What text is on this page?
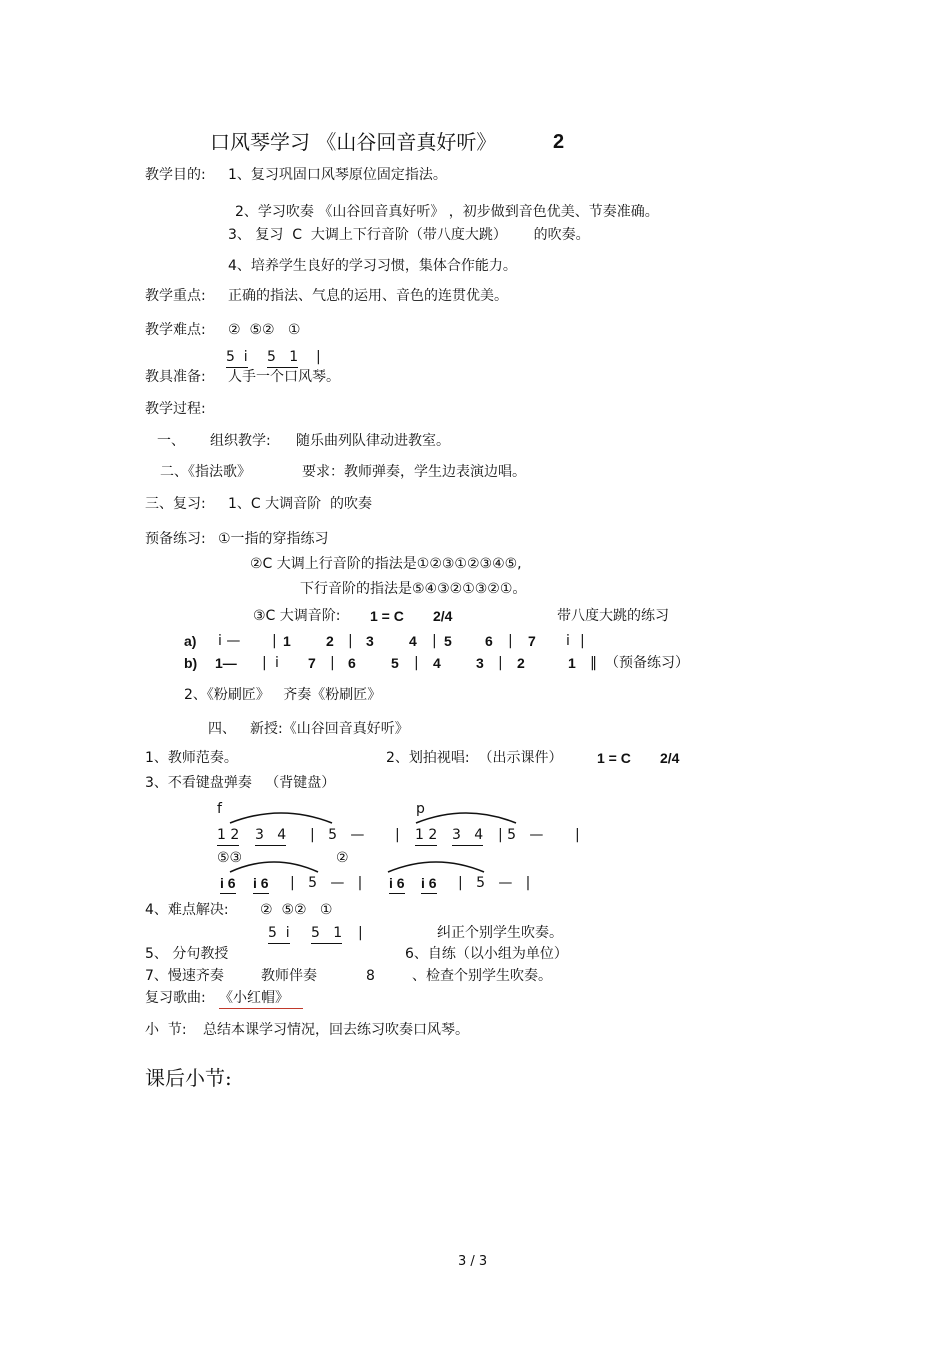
口风琴学习 《山谷回音真好听》	2
教学目的: 1、复习巩固口风琴原位固定指法。
2、学习吹奏 《山谷回音真好听》 ，初步做到音色优美、节奏准确。
3、 复习  C  大调上下行音阶（带八度大跳）      的吹奏。
4、培养学生良好的学习习惯，集体合作能力。
教学重点: 正确的指法、气息的运用、音色的连贯优美。
教学难点: ②  ⑤②   ①
5  i 5   1 |
教具准备: 人手一个口风琴。
教学过程:
一、 组织教学: 随乐曲列队律动进教室。
二、《指法歌》	要求：教师弹奏，学生边表演边唱。
三、复习: 1、C 大调音阶  的吹奏
预备练习: ①一指的穿指练习
②C 大调上行音阶的指法是①②③①②③④⑤,
下行音阶的指法是⑤④③②①③②①。
③C 大调音阶: 1 = C 2/4	带八度大跳的练习
a) i — | 1	2 | 3	4 | 5 6 | 7 i |
b) 1— | i 7 | 6	5 | 4	3 | 2	1 ‖ （预备练习）
2、《粉刷匠》   齐奏《粉刷匠》
四、 新授:《山谷回音真好听》
1、教师范奏。	2、划拍视唱:  （出示课件） 1 = C 2/4
3、不看键盘弹奏   （背键盘）
f	p
1 2 3   4 |   5   — | 1 2 3   4 | 5   — |
⑤③	②
i 6 i 6 |   5   —   | i 6 i 6 |   5   —   |
4、难点解决: ②  ⑤②   ①
5  i 5   1 |	纠正个别学生吹奏。
5、 分句教授	6、自练（以小组为单位）
7、慢速齐奏	教师伴奏	8	、检查个别学生吹奏。
复习歌曲: 《小红帽》
小  节: 总结本课学习情况，回去练习吹奏口风琴。
课后小节:
3 / 3
